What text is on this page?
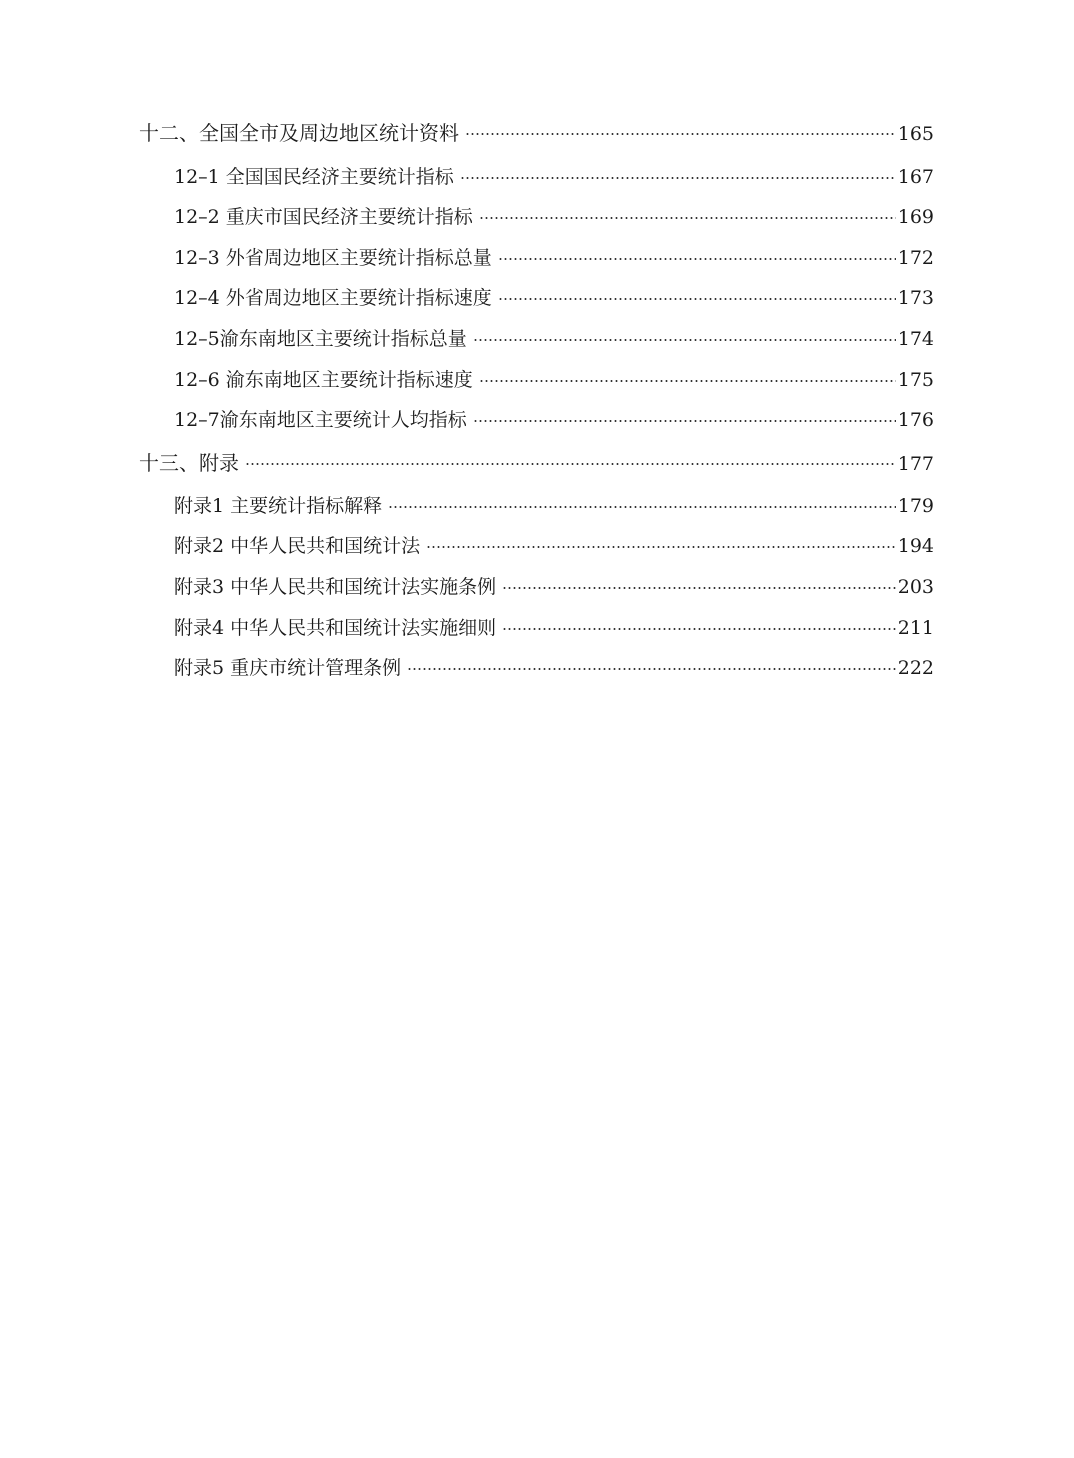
十二、全国全市及周边地区统计资料	165
12–1 全国国民经济主要统计指标	167
12–2 重庆市国民经济主要统计指标	169
12–3 外省周边地区主要统计指标总量	172
12–4 外省周边地区主要统计指标速度	173
12–5渝东南地区主要统计指标总量	174
12–6 渝东南地区主要统计指标速度	175
12–7渝东南地区主要统计人均指标	176
十三、附录	177
附录1 主要统计指标解释	179
附录2 中华人民共和国统计法	194
附录3 中华人民共和国统计法实施条例	203
附录4 中华人民共和国统计法实施细则	211
附录5 重庆市统计管理条例	222
